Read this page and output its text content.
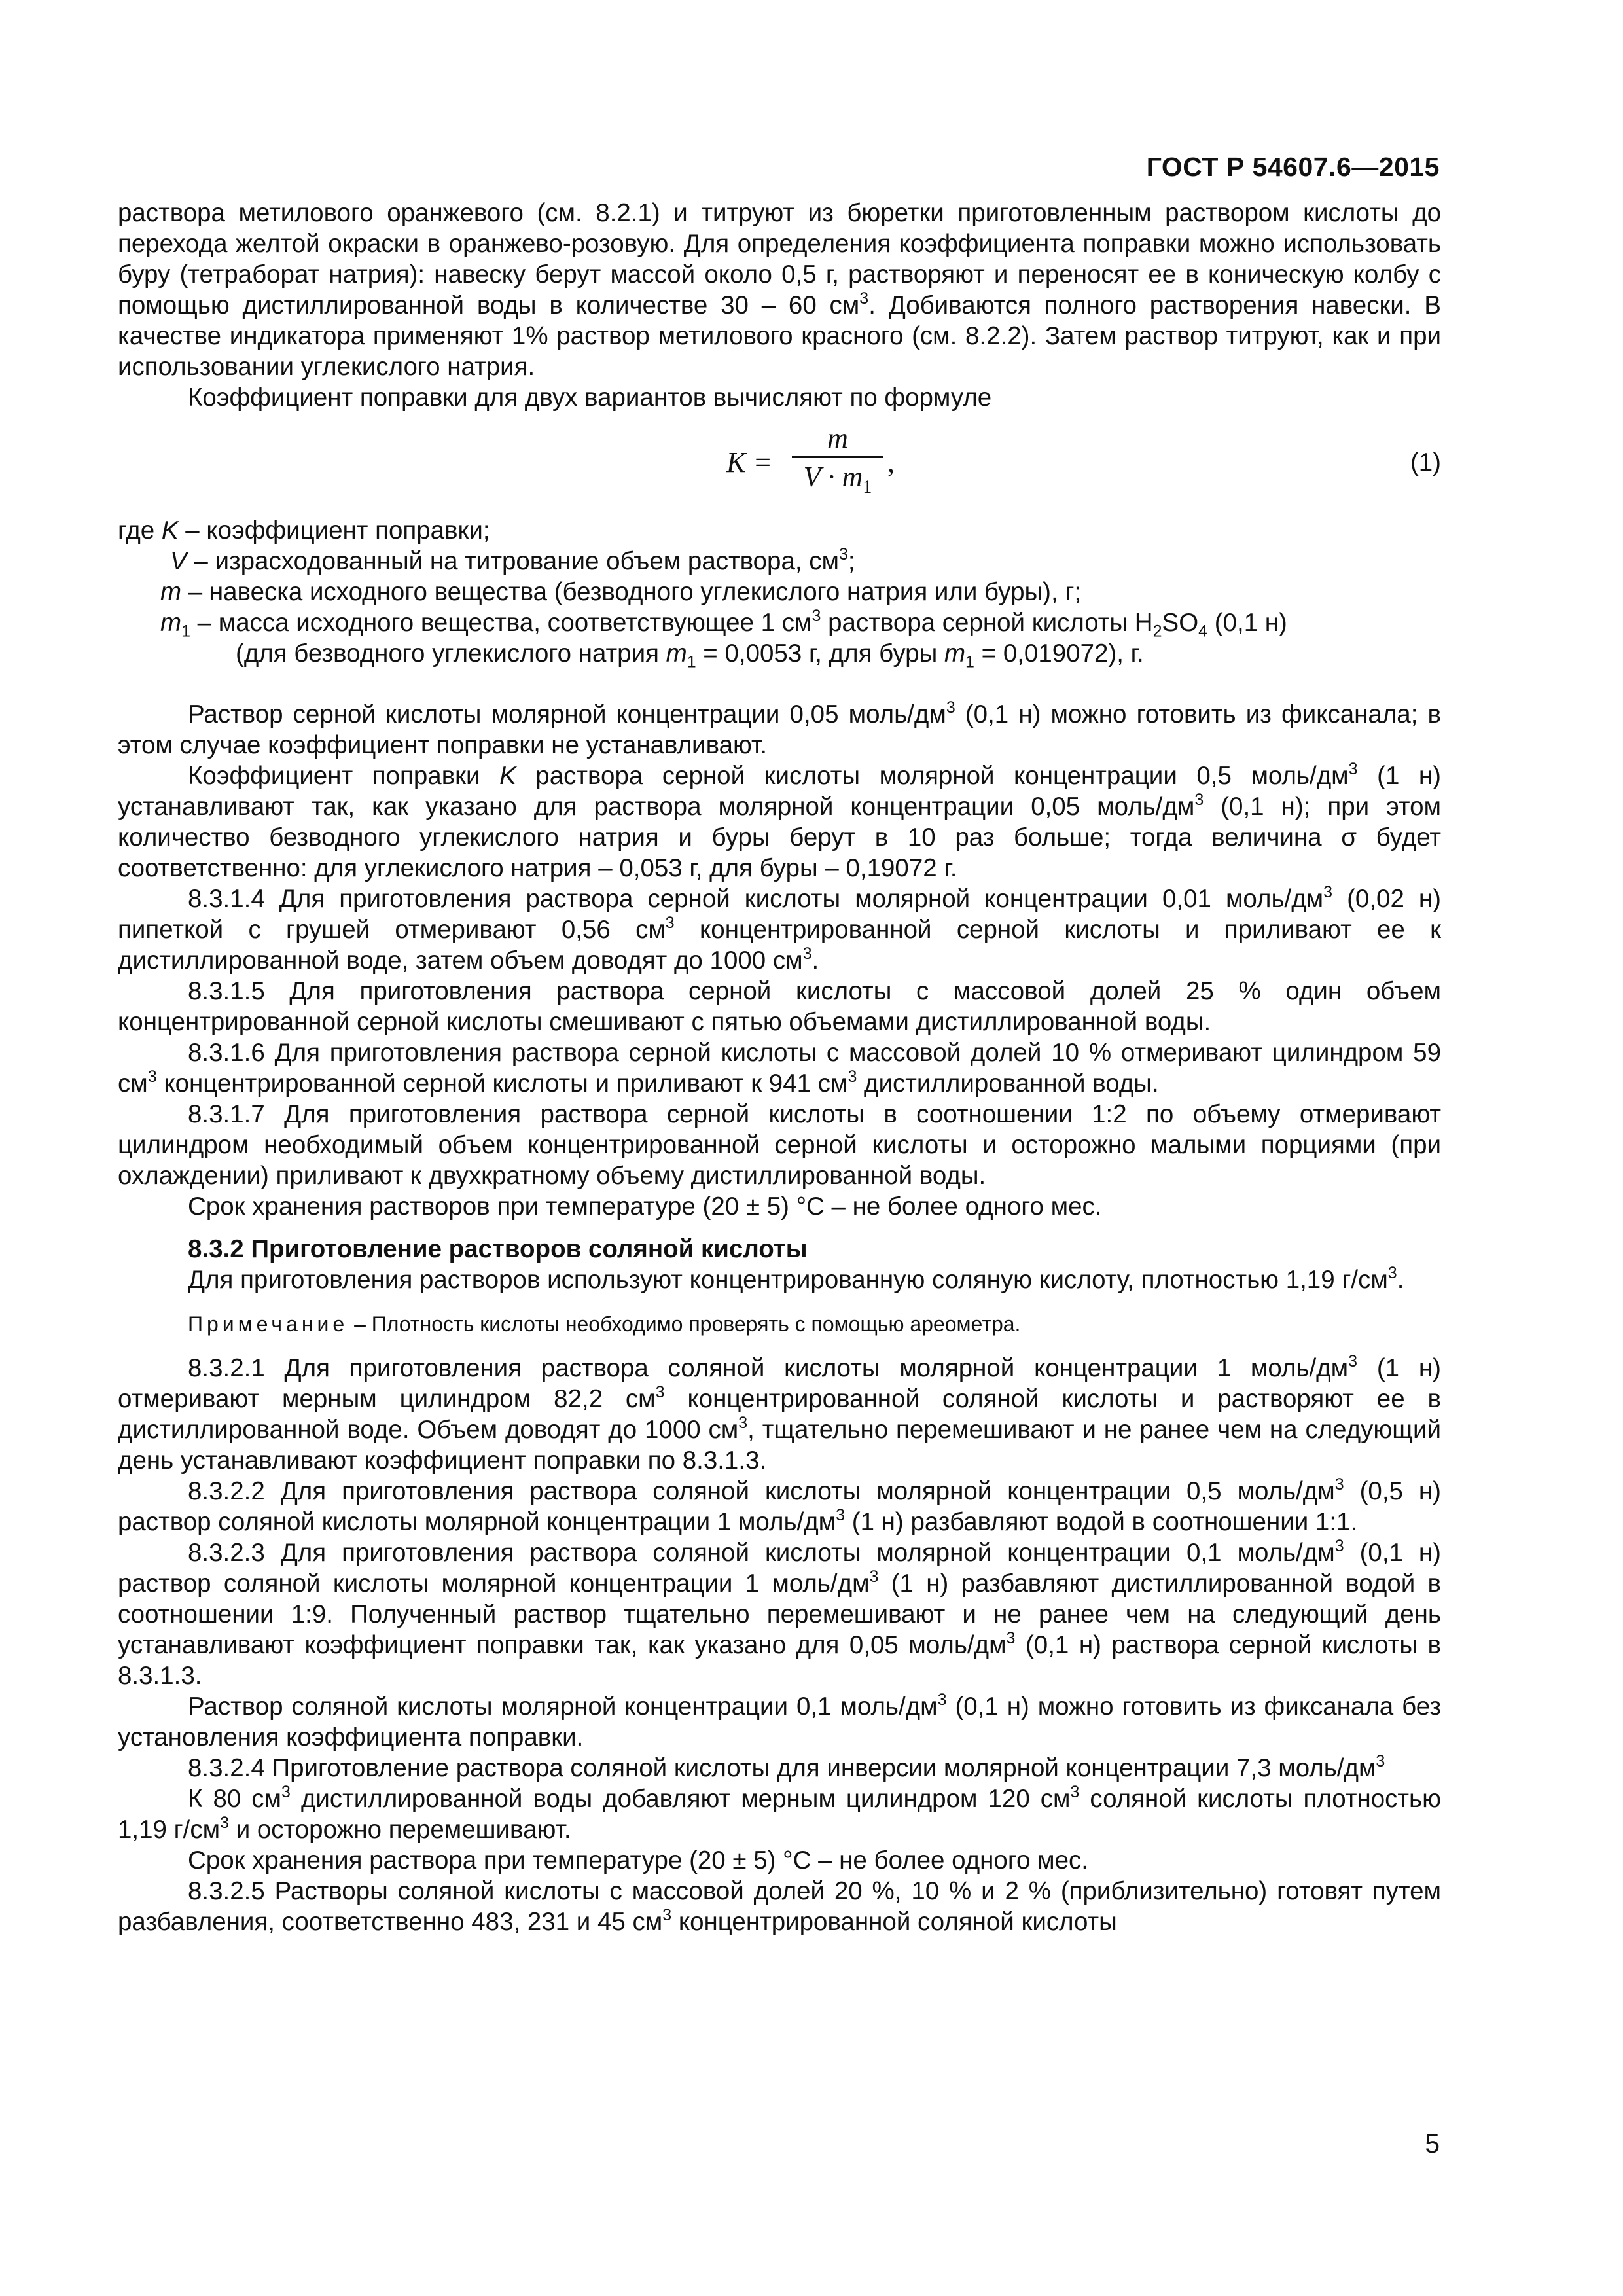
ГОСТ Р 54607.6—2015

раствора метилового оранжевого (см. 8.2.1) и титруют из бюретки приготовленным раствором кислоты до перехода желтой окраски в оранжево-розовую. Для определения коэффициента поправки можно использовать буру (тетраборат натрия): навеску берут массой около 0,5 г, растворяют и переносят ее в коническую колбу с помощью дистиллированной воды в количестве 30 – 60 $см^3$. Добиваются полного растворения навески. В качестве индикатора применяют 1% раствор метилового красного (см. 8.2.2). Затем раствор титруют, как и при использовании углекислого натрия.

Коэффициент поправки для двух вариантов вычисляют по формуле

K =
m
$V \cdot m_1$
,	(1)

где K – коэффициент поправки;

V – израсходованный на титрование объем раствора, $см^3$;

m – навеска исходного вещества (безводного углекислого натрия или буры), г;

$m_1$ – масса исходного вещества, соответствующее 1 $см^3$ раствора серной кислоты $H_2SO_4$ (0,1 н)

(для безводного углекислого натрия $m_1 = 0,0053$ г, для буры $m_1 = 0,019072$), г.

Раствор серной кислоты молярной концентрации 0,05 моль/$дм^3$ (0,1 н) можно готовить из фиксанала; в этом случае коэффициент поправки не устанавливают.

Коэффициент поправки K раствора серной кислоты молярной концентрации 0,5 моль/$дм^3$ (1 н) устанавливают так, как указано для раствора молярной концентрации 0,05 моль/$дм^3$ (0,1 н); при этом количество безводного углекислого натрия и буры берут в 10 раз больше; тогда величина σ будет соответственно: для углекислого натрия – 0,053 г, для буры – 0,19072 г.

8.3.1.4 Для приготовления раствора серной кислоты молярной концентрации 0,01 моль/$дм^3$ (0,02 н) пипеткой с грушей отмеривают 0,56 $см^3$ концентрированной серной кислоты и приливают ее к дистиллированной воде, затем объем доводят до 1000 $см^3$.

8.3.1.5 Для приготовления раствора серной кислоты с массовой долей 25 % один объем концентрированной серной кислоты смешивают с пятью объемами дистиллированной воды.

8.3.1.6 Для приготовления раствора серной кислоты с массовой долей 10 % отмеривают цилиндром 59 $см^3$ концентрированной серной кислоты и приливают к 941 $см^3$ дистиллированной воды.

8.3.1.7 Для приготовления раствора серной кислоты в соотношении 1:2 по объему отмеривают цилиндром необходимый объем концентрированной серной кислоты и осторожно малыми порциями (при охлаждении) приливают к двухкратному объему дистиллированной воды.

Срок хранения растворов при температуре (20 ± 5) °С – не более одного мес.

8.3.2 Приготовление растворов соляной кислоты

Для приготовления растворов используют концентрированную соляную кислоту, плотностью 1,19 $г/см^3$.

Примечание – Плотность кислоты необходимо проверять с помощью ареометра.

8.3.2.1 Для приготовления раствора соляной кислоты молярной концентрации 1 моль/$дм^3$ (1 н) отмеривают мерным цилиндром 82,2 $см^3$ концентрированной соляной кислоты и растворяют ее в дистиллированной воде. Объем доводят до 1000 $см^3$, тщательно перемешивают и не ранее чем на следующий день устанавливают коэффициент поправки по 8.3.1.3.

8.3.2.2 Для приготовления раствора соляной кислоты молярной концентрации 0,5 моль/$дм^3$ (0,5 н) раствор соляной кислоты молярной концентрации 1 моль/$дм^3$ (1 н) разбавляют водой в соотношении 1:1.

8.3.2.3 Для приготовления раствора соляной кислоты молярной концентрации 0,1 моль/$дм^3$ (0,1 н) раствор соляной кислоты молярной концентрации 1 моль/$дм^3$ (1 н) разбавляют дистиллированной водой в соотношении 1:9. Полученный раствор тщательно перемешивают и не ранее чем на следующий день устанавливают коэффициент поправки так, как указано для 0,05 моль/$дм^3$ (0,1 н) раствора серной кислоты в 8.3.1.3.

Раствор соляной кислоты молярной концентрации 0,1 моль/$дм^3$ (0,1 н) можно готовить из фиксанала без установления коэффициента поправки.

8.3.2.4 Приготовление раствора соляной кислоты для инверсии молярной концентрации 7,3 моль/$дм^3$

К 80 $см^3$ дистиллированной воды добавляют мерным цилиндром 120 $см^3$ соляной кислоты плотностью 1,19 $г/см^3$ и осторожно перемешивают.

Срок хранения раствора при температуре (20 ± 5) °С – не более одного мес.

8.3.2.5 Растворы соляной кислоты с массовой долей 20 %, 10 % и 2 % (приблизительно) готовят путем разбавления, соответственно 483, 231 и 45 $см^3$ концентрированной соляной кислоты

5
